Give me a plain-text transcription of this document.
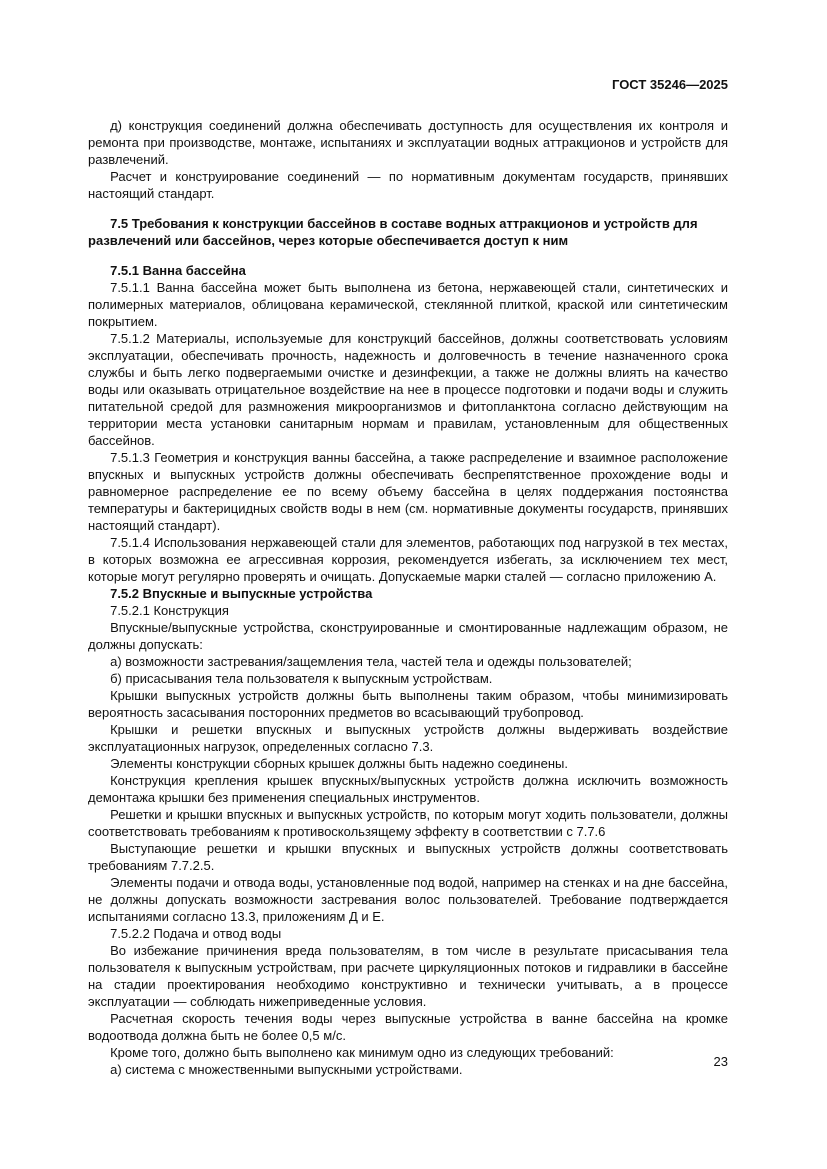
ГОСТ 35246—2025

д) конструкция соединений должна обеспечивать доступность для осуществления их контроля и ремонта при производстве, монтаже, испытаниях и эксплуатации водных аттракционов и устройств для развлечений.

Расчет и конструирование соединений — по нормативным документам государств, принявших настоящий стандарт.

7.5 Требования к конструкции бассейнов в составе водных аттракционов и устройств для развлечений или бассейнов, через которые обеспечивается доступ к ним

7.5.1 Ванна бассейна

7.5.1.1 Ванна бассейна может быть выполнена из бетона, нержавеющей стали, синтетических и полимерных материалов, облицована керамической, стеклянной плиткой, краской или синтетическим покрытием.

7.5.1.2 Материалы, используемые для конструкций бассейнов, должны соответствовать условиям эксплуатации, обеспечивать прочность, надежность и долговечность в течение назначенного срока службы и быть легко подвергаемыми очистке и дезинфекции, а также не должны влиять на качество воды или оказывать отрицательное воздействие на нее в процессе подготовки и подачи воды и служить питательной средой для размножения микроорганизмов и фитопланктона согласно действующим на территории места установки санитарным нормам и правилам, установленным для общественных бассейнов.

7.5.1.3 Геометрия и конструкция ванны бассейна, а также распределение и взаимное расположение впускных и выпускных устройств должны обеспечивать беспрепятственное прохождение воды и равномерное распределение ее по всему объему бассейна в целях поддержания постоянства температуры и бактерицидных свойств воды в нем (см. нормативные документы государств, принявших настоящий стандарт).

7.5.1.4 Использования нержавеющей стали для элементов, работающих под нагрузкой в тех местах, в которых возможна ее агрессивная коррозия, рекомендуется избегать, за исключением тех мест, которые могут регулярно проверять и очищать. Допускаемые марки сталей — согласно приложению А.

7.5.2 Впускные и выпускные устройства

7.5.2.1 Конструкция

Впускные/выпускные устройства, сконструированные и смонтированные надлежащим образом, не должны допускать:

а) возможности застревания/защемления тела, частей тела и одежды пользователей;

б) присасывания тела пользователя к выпускным устройствам.

Крышки выпускных устройств должны быть выполнены таким образом, чтобы минимизировать вероятность засасывания посторонних предметов во всасывающий трубопровод.

Крышки и решетки впускных и выпускных устройств должны выдерживать воздействие эксплуатационных нагрузок, определенных согласно 7.3.

Элементы конструкции сборных крышек должны быть надежно соединены.

Конструкция крепления крышек впускных/выпускных устройств должна исключить возможность демонтажа крышки без применения специальных инструментов.

Решетки и крышки впускных и выпускных устройств, по которым могут ходить пользователи, должны соответствовать требованиям к противоскользящему эффекту в соответствии с 7.7.6

Выступающие решетки и крышки впускных и выпускных устройств должны соответствовать требованиям 7.7.2.5.

Элементы подачи и отвода воды, установленные под водой, например на стенках и на дне бассейна, не должны допускать возможности застревания волос пользователей. Требование подтверждается испытаниями согласно 13.3, приложениям Д и Е.

7.5.2.2 Подача и отвод воды

Во избежание причинения вреда пользователям, в том числе в результате присасывания тела пользователя к выпускным устройствам, при расчете циркуляционных потоков и гидравлики в бассейне на стадии проектирования необходимо конструктивно и технически учитывать, а в процессе эксплуатации — соблюдать нижеприведенные условия.

Расчетная скорость течения воды через выпускные устройства в ванне бассейна на кромке водоотвода должна быть не более 0,5 м/с.

Кроме того, должно быть выполнено как минимум одно из следующих требований:

а) система с множественными выпускными устройствами.

23
